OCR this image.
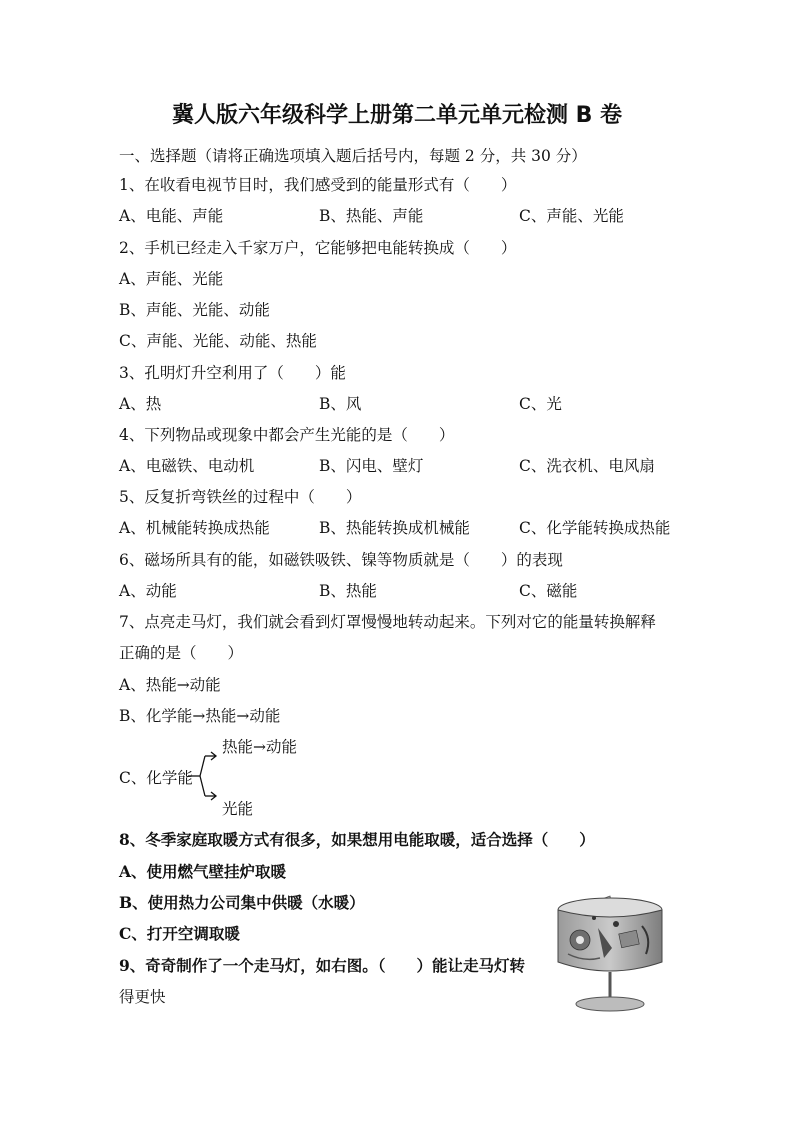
冀人版六年级科学上册第二单元单元检测 B 卷
一、选择题（请将正确选项填入题后括号内，每题 2 分，共 30 分）
1、在收看电视节目时，我们感受到的能量形式有（　　）
A、电能、声能	B、热能、声能	C、声能、光能
2、手机已经走入千家万户，它能够把电能转换成（　　）
A、声能、光能
B、声能、光能、动能
C、声能、光能、动能、热能
3、孔明灯升空利用了（　　）能
A、热	B、风	C、光
4、下列物品或现象中都会产生光能的是（　　）
A、电磁铁、电动机	B、闪电、壁灯	C、洗衣机、电风扇
5、反复折弯铁丝的过程中（　　）
A、机械能转换成热能	B、热能转换成机械能	C、化学能转换成热能
6、磁场所具有的能，如磁铁吸铁、镍等物质就是（　　）的表现
A、动能	B、热能	C、磁能
7、点亮走马灯，我们就会看到灯罩慢慢地转动起来。下列对它的能量转换解释
正确的是（　　）
A、热能→动能
B、化学能→热能→动能
热能→动能
C、化学能
光能
8、冬季家庭取暖方式有很多，如果想用电能取暖，适合选择（　　）
A、使用燃气壁挂炉取暖
B、使用热力公司集中供暖（水暖）
C、打开空调取暖
9、奇奇制作了一个走马灯，如右图。（　　）能让走马灯转
得更快
